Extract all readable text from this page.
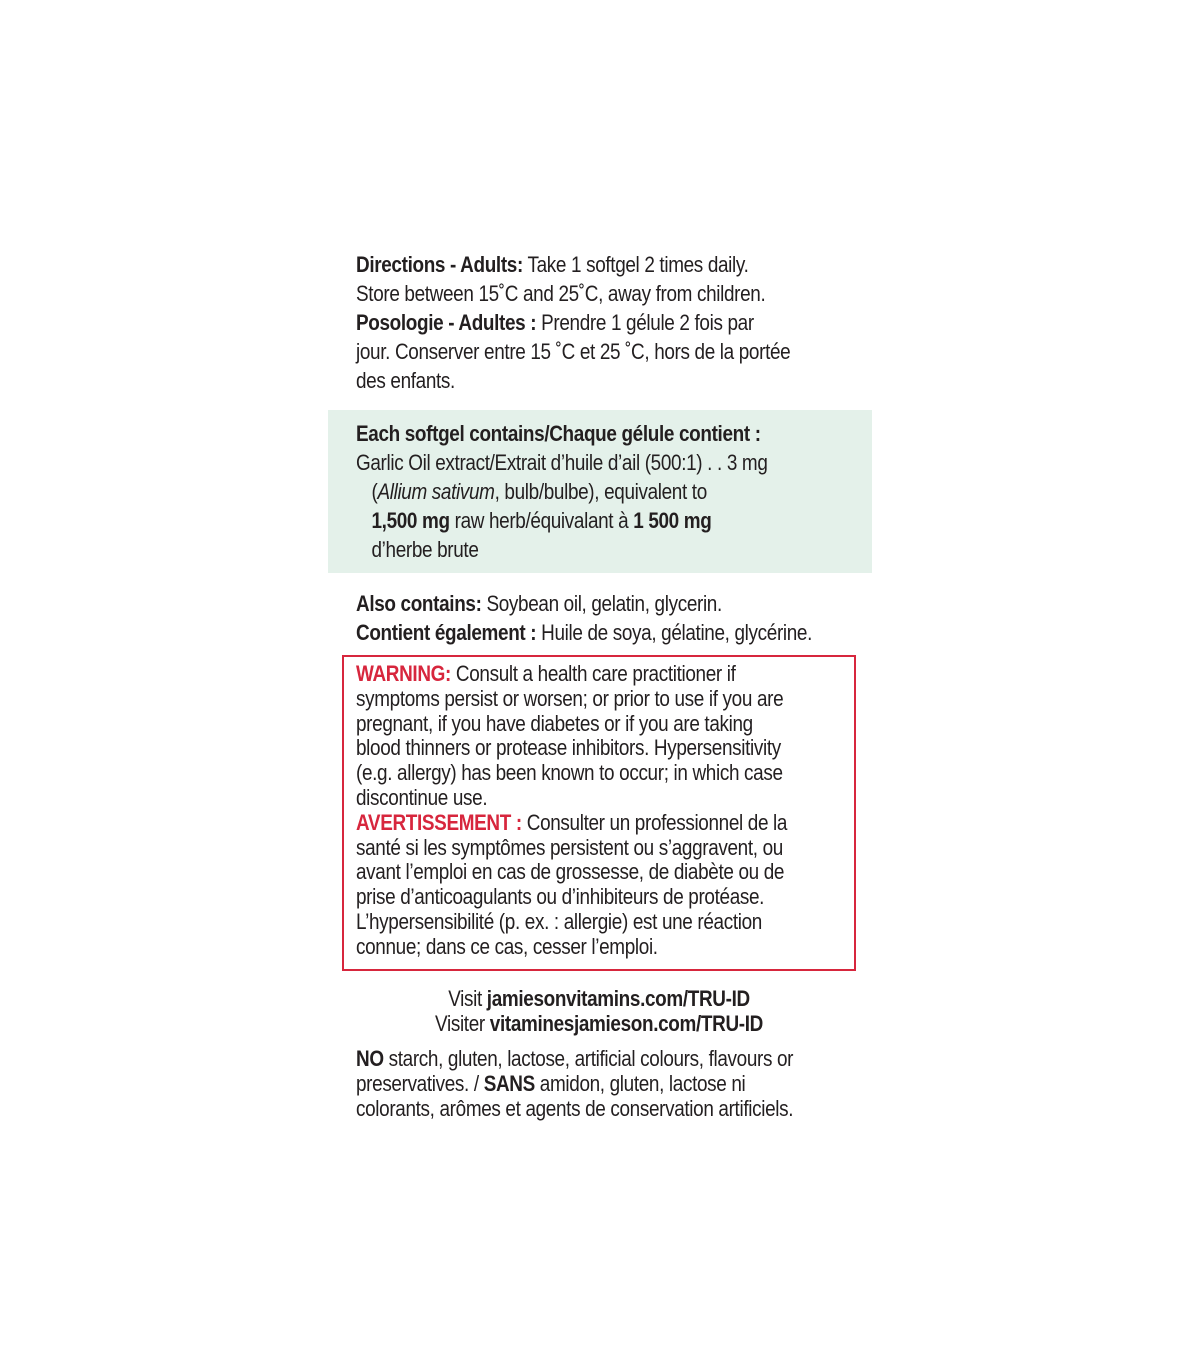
Directions - Adults: Take 1 softgel 2 times daily.
Store between 15˚C and 25˚C, away from children.
Posologie - Adultes : Prendre 1 gélule 2 fois par
jour. Conserver entre 15 ˚C et 25 ˚C, hors de la portée
des enfants.
Each softgel contains/Chaque gélule contient :
Garlic Oil extract/Extrait d’huile d’ail (500:1) . . 3 mg
(Allium sativum, bulb/bulbe), equivalent to
1,500 mg raw herb/équivalant à 1 500 mg
d’herbe brute
Also contains: Soybean oil, gelatin, glycerin.
Contient également : Huile de soya, gélatine, glycérine.
WARNING: Consult a health care practitioner if
symptoms persist or worsen; or prior to use if you are
pregnant, if you have diabetes or if you are taking
blood thinners or protease inhibitors. Hypersensitivity
(e.g. allergy) has been known to occur; in which case
discontinue use.
AVERTISSEMENT : Consulter un professionnel de la
santé si les symptômes persistent ou s’aggravent, ou
avant l’emploi en cas de grossesse, de diabète ou de
prise d’anticoagulants ou d’inhibiteurs de protéase.
L’hypersensibilité (p. ex. : allergie) est une réaction
connue; dans ce cas, cesser l’emploi.
Visit jamiesonvitamins.com/TRU-ID
Visiter vitaminesjamieson.com/TRU-ID
NO starch, gluten, lactose, artificial colours, flavours or
preservatives. / SANS amidon, gluten, lactose ni
colorants, arômes et agents de conservation artificiels.
